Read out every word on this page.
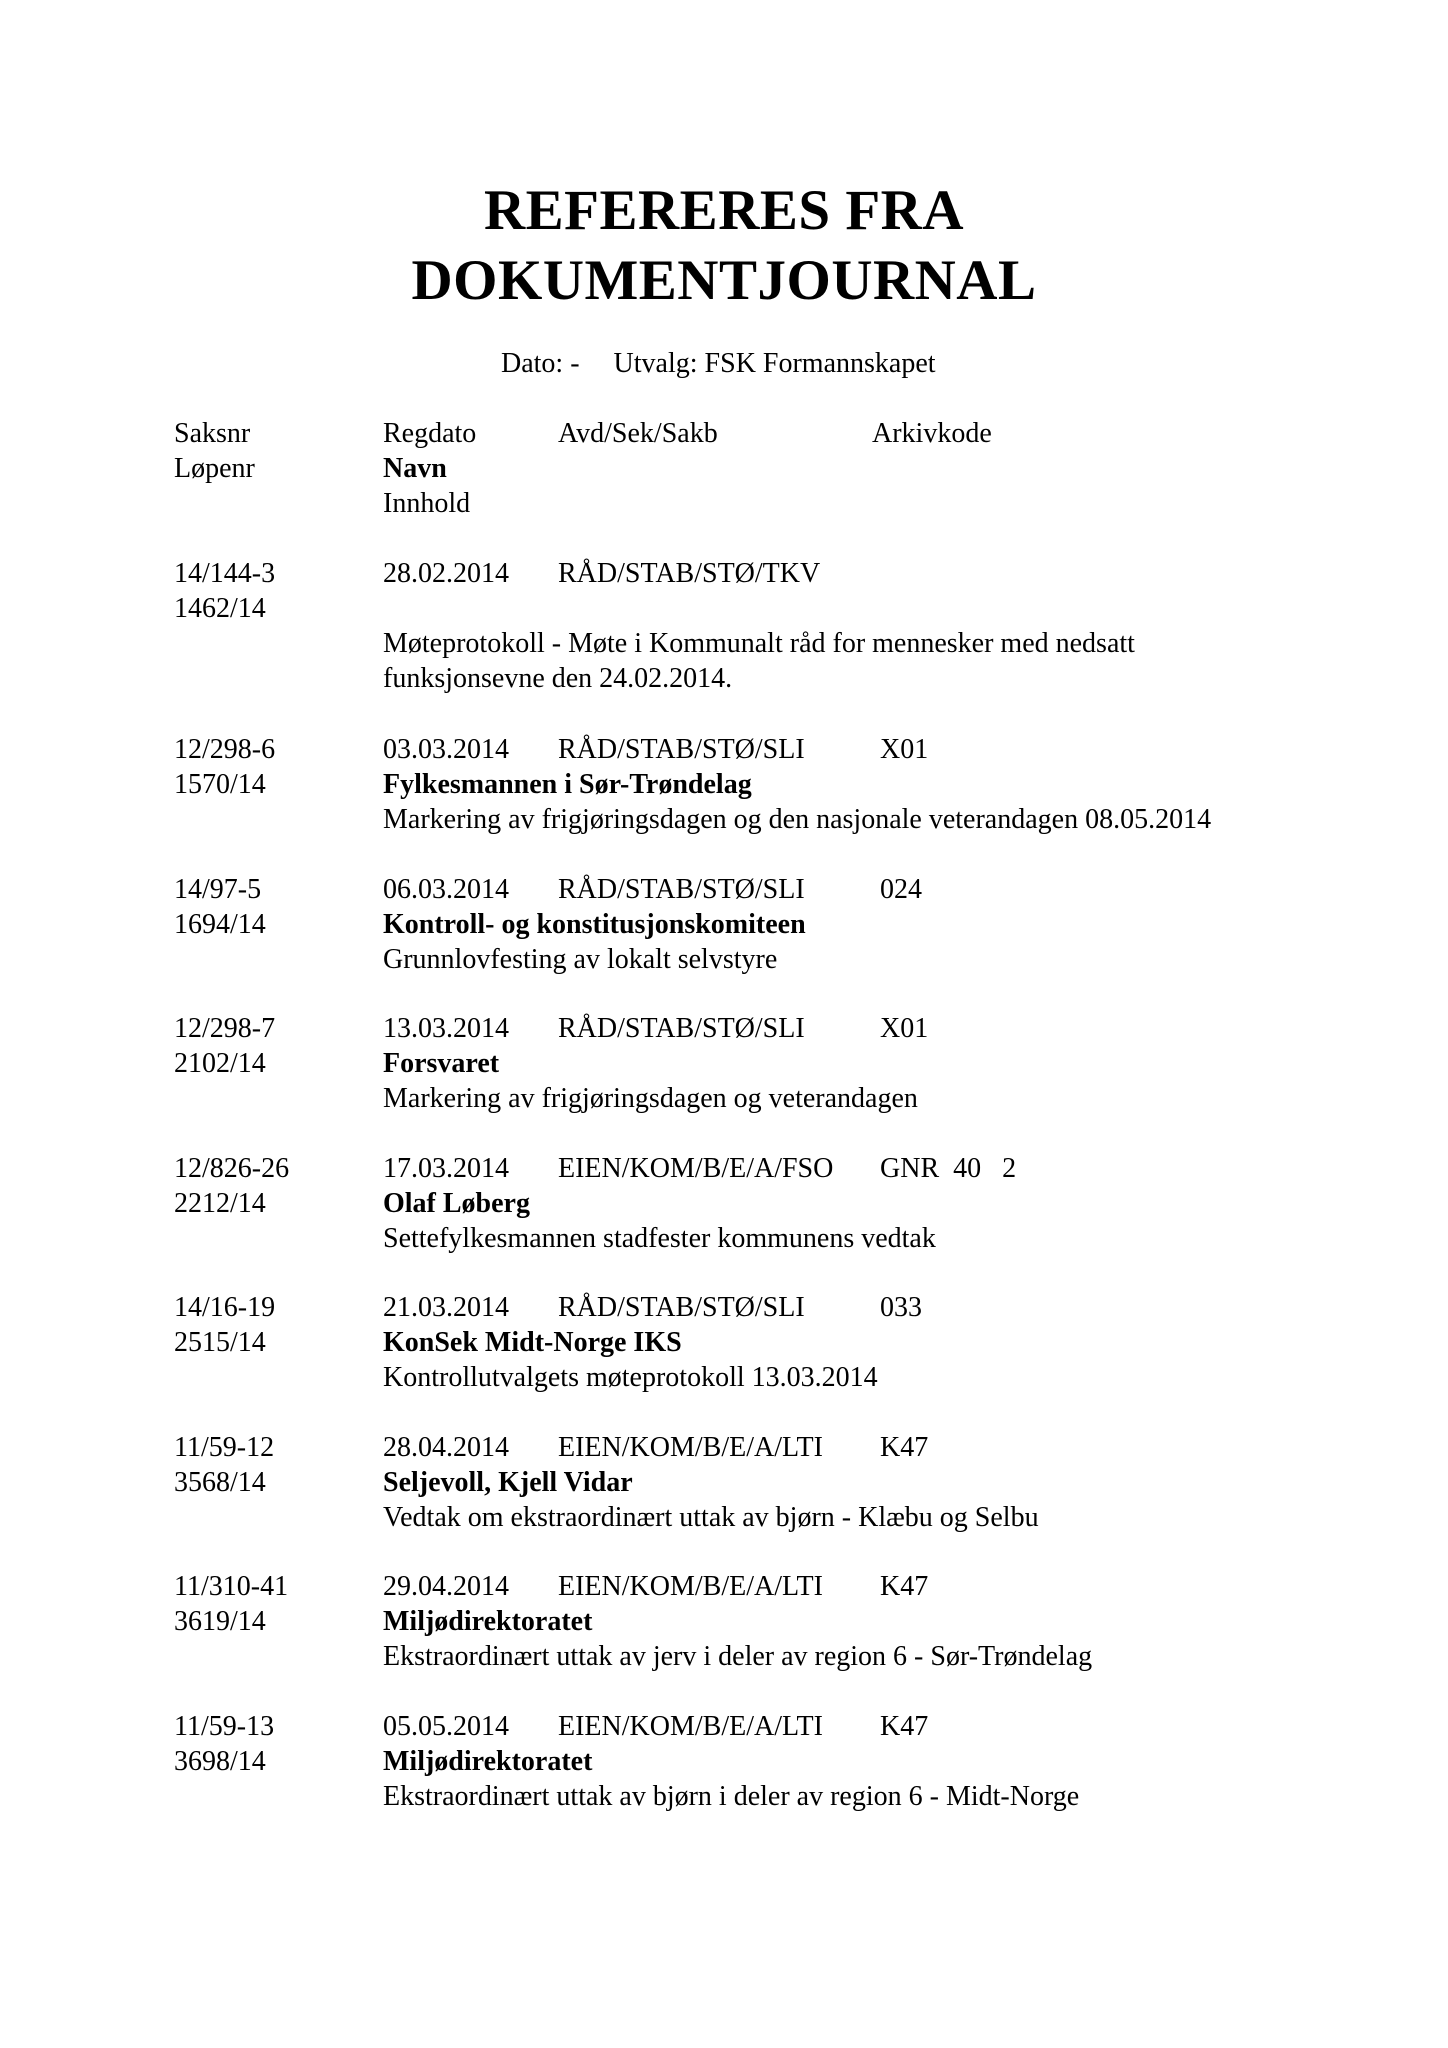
REFERERES FRA
DOKUMENTJOURNAL
Dato: - Utvalg: FSK Formannskapet
Saksnr	Regdato	Avd/Sek/Sakb	Arkivkode
Løpenr	Navn
Innhold
14/144-3	28.02.2014 RÅD/STAB/STØ/TKV
1462/14
Møteprotokoll - Møte i Kommunalt råd for mennesker med nedsatt
funksjonsevne den 24.02.2014.
12/298-6	03.03.2014 RÅD/STAB/STØ/SLI	X01
1570/14	Fylkesmannen i Sør-Trøndelag
Markering av frigjøringsdagen og den nasjonale veterandagen 08.05.2014
14/97-5	06.03.2014 RÅD/STAB/STØ/SLI	024
1694/14	Kontroll- og konstitusjonskomiteen
Grunnlovfesting av lokalt selvstyre
12/298-7	13.03.2014 RÅD/STAB/STØ/SLI	X01
2102/14	Forsvaret
Markering av frigjøringsdagen og veterandagen
12/826-26	17.03.2014 EIEN/KOM/B/E/A/FSO GNR  40   2
2212/14	Olaf Løberg
Settefylkesmannen stadfester kommunens vedtak
14/16-19	21.03.2014 RÅD/STAB/STØ/SLI	033
2515/14	KonSek Midt-Norge IKS
Kontrollutvalgets møteprotokoll 13.03.2014
11/59-12	28.04.2014 EIEN/KOM/B/E/A/LTI K47
3568/14	Seljevoll, Kjell Vidar
Vedtak om ekstraordinært uttak av bjørn - Klæbu og Selbu
11/310-41	29.04.2014 EIEN/KOM/B/E/A/LTI K47
3619/14	Miljødirektoratet
Ekstraordinært uttak av jerv i deler av region 6 - Sør-Trøndelag
11/59-13	05.05.2014 EIEN/KOM/B/E/A/LTI K47
3698/14	Miljødirektoratet
Ekstraordinært uttak av bjørn i deler av region 6 - Midt-Norge
